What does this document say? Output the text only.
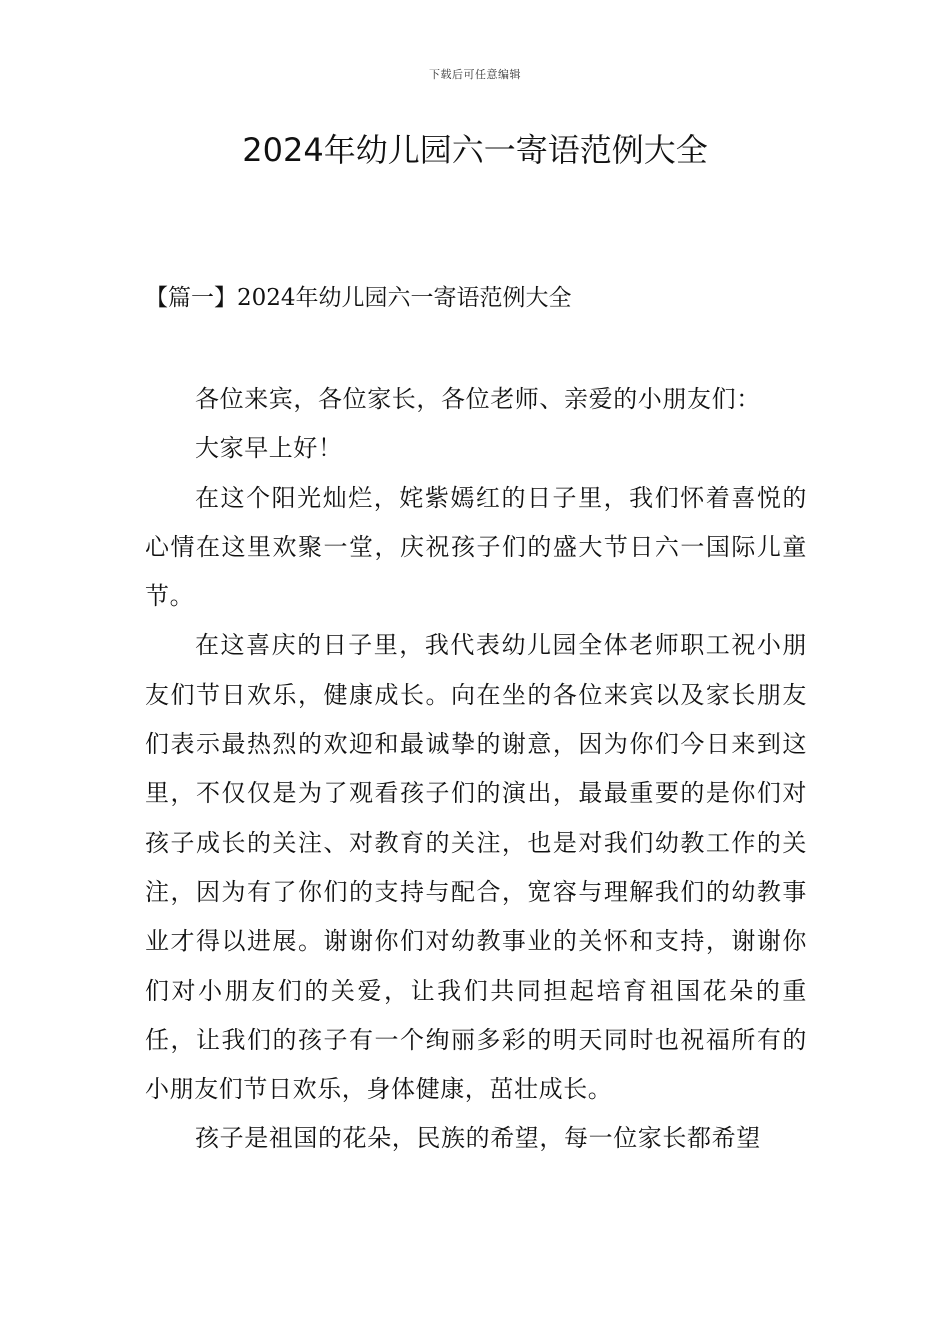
下载后可任意编辑
2024年幼儿园六一寄语范例大全
【篇一】2024年幼儿园六一寄语范例大全

各位来宾，各位家长，各位老师、亲爱的小朋友们：

大家早上好！

在这个阳光灿烂，姹紫嫣红的日子里，我们怀着喜悦的心情在这里欢聚一堂，庆祝孩子们的盛大节日六一国际儿童节。

在这喜庆的日子里，我代表幼儿园全体老师职工祝小朋友们节日欢乐，健康成长。向在坐的各位来宾以及家长朋友们表示最热烈的欢迎和最诚挚的谢意，因为你们今日来到这里，不仅仅是为了观看孩子们的演出，最最重要的是你们对孩子成长的关注、对教育的关注，也是对我们幼教工作的关注，因为有了你们的支持与配合，宽容与理解我们的幼教事业才得以进展。谢谢你们对幼教事业的关怀和支持，谢谢你们对小朋友们的关爱，让我们共同担起培育祖国花朵的重任，让我们的孩子有一个绚丽多彩的明天同时也祝福所有的小朋友们节日欢乐，身体健康，茁壮成长。

孩子是祖国的花朵，民族的希望，每一位家长都希望
